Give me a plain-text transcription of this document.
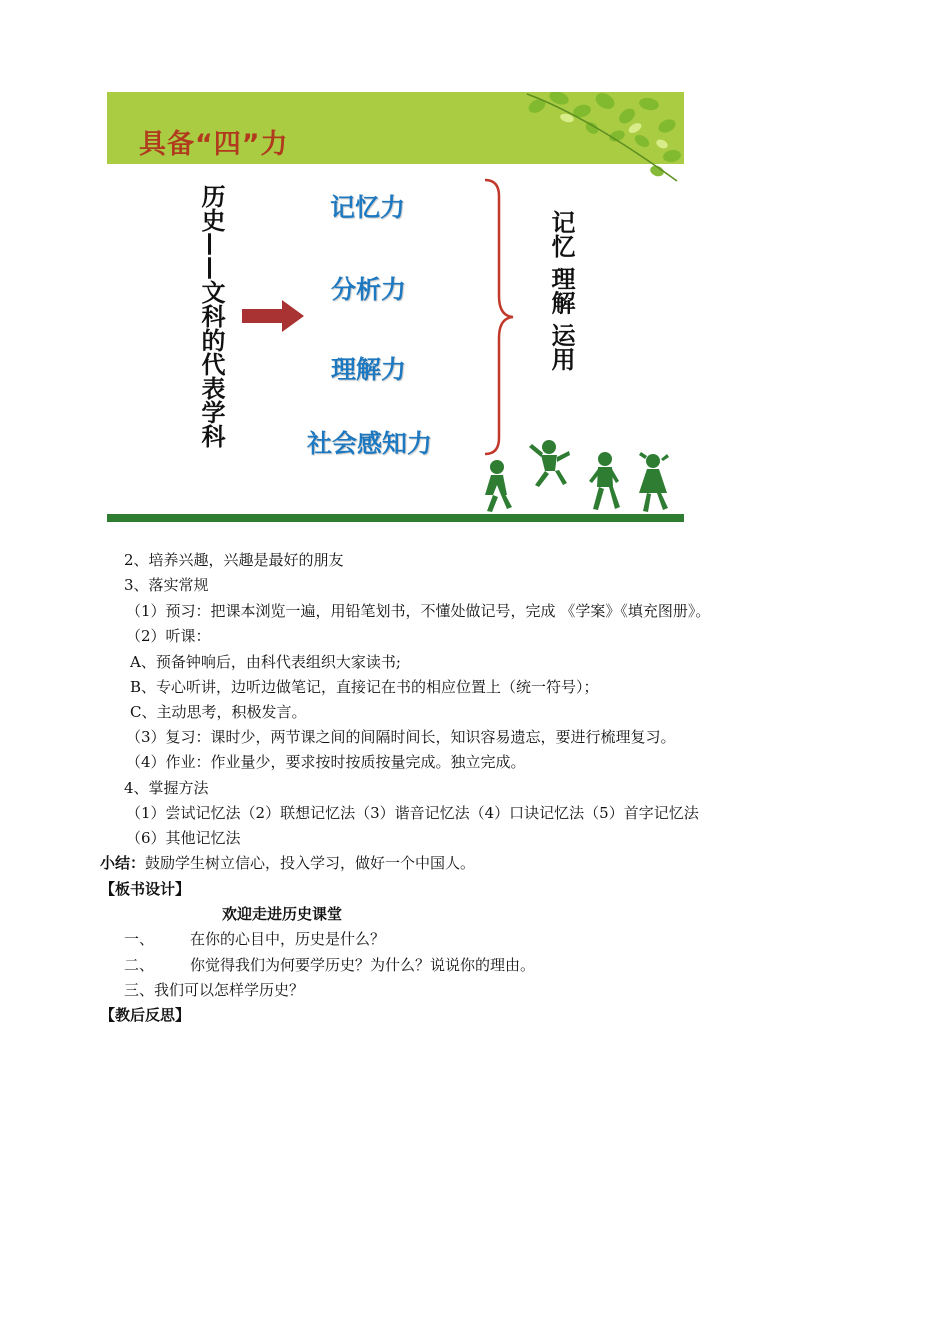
具备“四”力
历史——文科的代表学科	记忆力
分析力
理解力
社会感知力
记忆 理解 运用
2、培养兴趣，兴趣是最好的朋友
3、落实常规
（1）预习：把课本浏览一遍，用铅笔划书，不懂处做记号，完成 《学案》《填充图册》。
（2）听课：
A、预备钟响后，由科代表组织大家读书;
B、专心听讲，边听边做笔记，直接记在书的相应位置上（统一符号）；
C、主动思考，积极发言。
（3）复习：课时少，两节课之间的间隔时间长，知识容易遗忘，要进行梳理复习。
（4）作业：作业量少，要求按时按质按量完成。独立完成。
4、掌握方法
（1）尝试记忆法（2）联想记忆法（3）谐音记忆法（4）口诀记忆法（5）首字记忆法
（6）其他记忆法
小结：鼓励学生树立信心，投入学习，做好一个中国人。
【板书设计】
欢迎走进历史课堂
一、 在你的心目中，历史是什么？
二、 你觉得我们为何要学历史？为什么？说说你的理由。
三、我们可以怎样学历史？
【教后反思】
